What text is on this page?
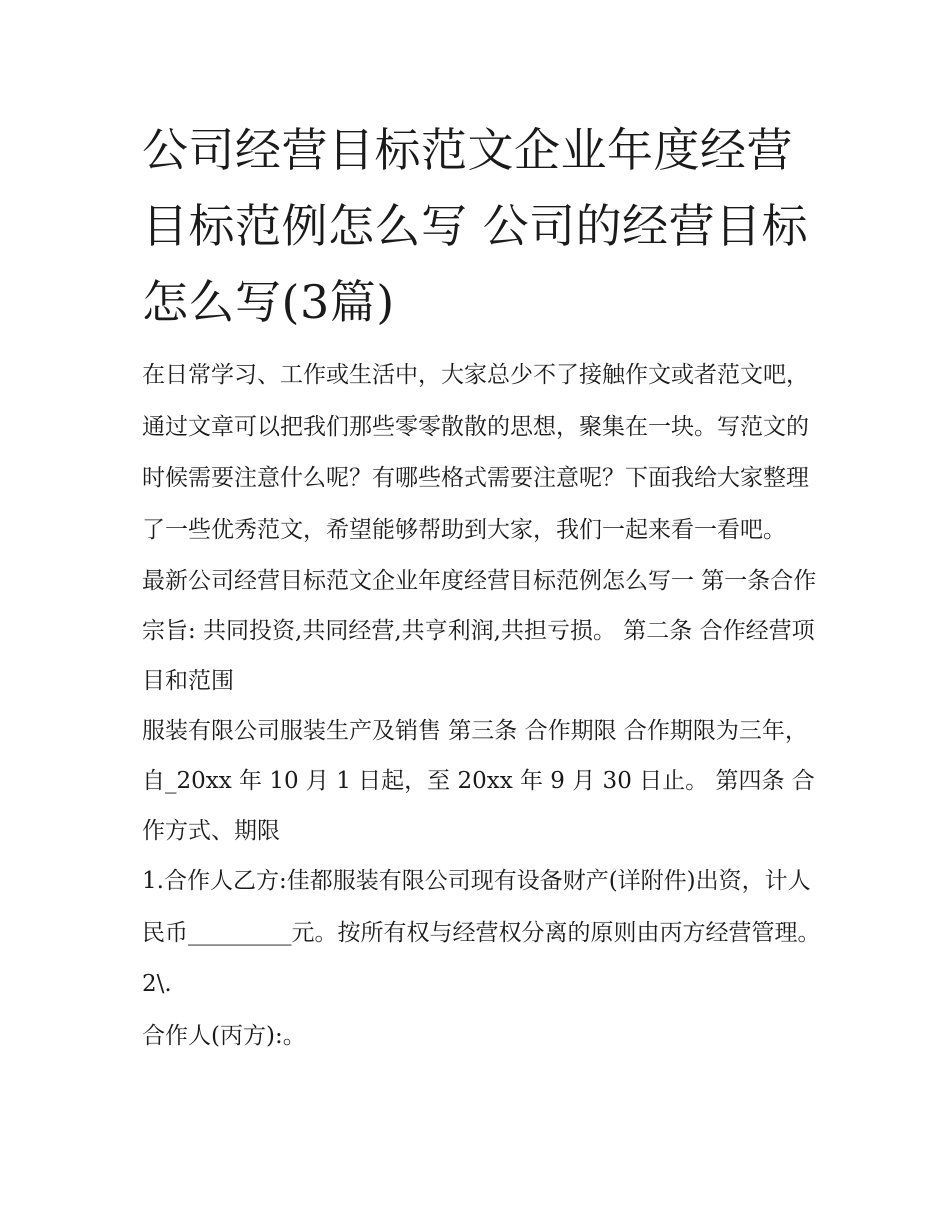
公司经营目标范文企业年度经营目标范例怎么写 公司的经营目标怎么写(3篇)

在日常学习、工作或生活中，大家总少不了接触作文或者范文吧，通过文章可以把我们那些零零散散的思想，聚集在一块。写范文的时候需要注意什么呢？有哪些格式需要注意呢？下面我给大家整理了一些优秀范文，希望能够帮助到大家，我们一起来看一看吧。

最新公司经营目标范文企业年度经营目标范例怎么写一 第一条合作宗旨: 共同投资,共同经营,共亨利润,共担亏损。 第二条 合作经营项目和范围

服装有限公司服装生产及销售 第三条 合作期限 合作期限为三年，自_20xx 年 10 月 1 日起，至 20xx 年 9 月 30 日止。 第四条 合作方式、期限

1.合作人乙方:佳都服装有限公司现有设备财产(详附件)出资，计人民币_________元。按所有权与经营权分离的原则由丙方经营管理。 2\.

合作人(丙方):。
